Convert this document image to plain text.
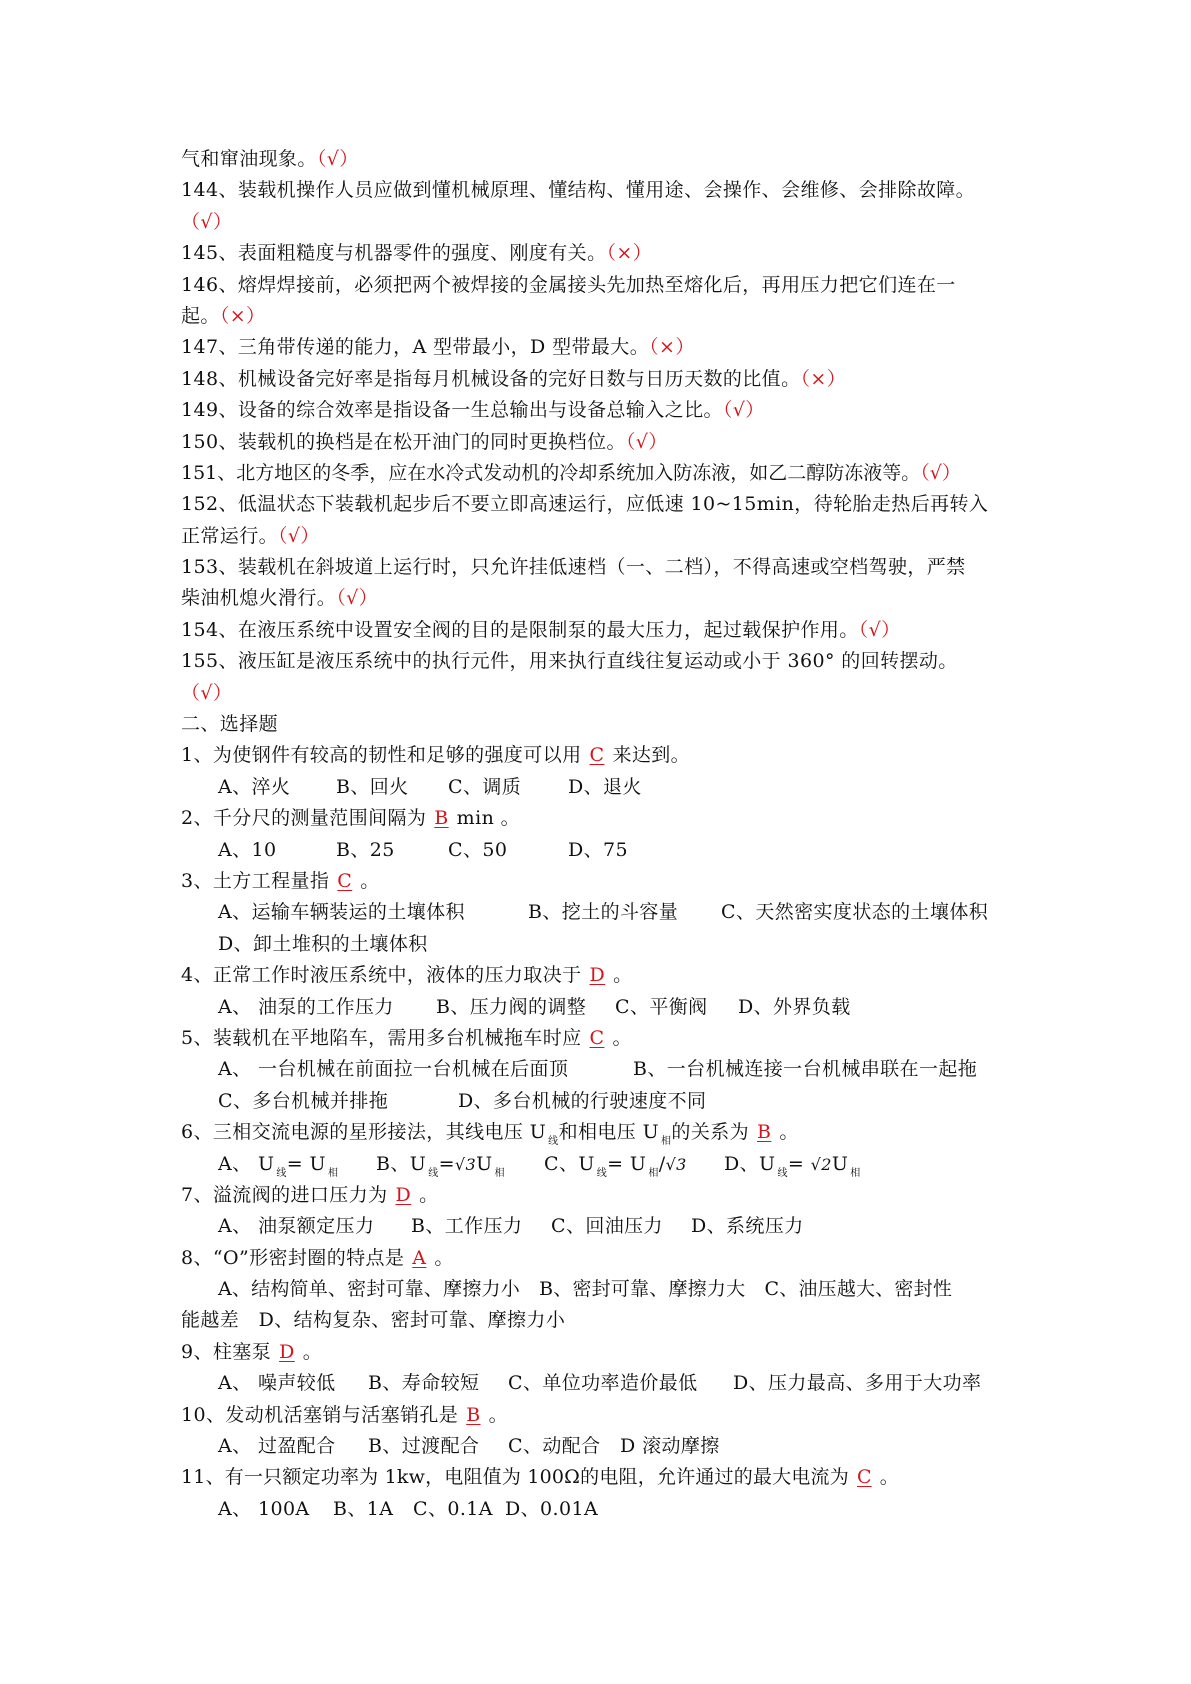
气和窜油现象。（√）
144、装载机操作人员应做到懂机械原理、懂结构、懂用途、会操作、会维修、会排除故障。
（√）
145、表面粗糙度与机器零件的强度、刚度有关。（×）
146、熔焊焊接前，必须把两个被焊接的金属接头先加热至熔化后，再用压力把它们连在一
起。（×）
147、三角带传递的能力，A 型带最小，D 型带最大。（×）
148、机械设备完好率是指每月机械设备的完好日数与日历天数的比值。（×）
149、设备的综合效率是指设备一生总输出与设备总输入之比。（√）
150、装载机的换档是在松开油门的同时更换档位。（√）
151、北方地区的冬季，应在水冷式发动机的冷却系统加入防冻液，如乙二醇防冻液等。（√）
152、低温状态下装载机起步后不要立即高速运行，应低速 10~15min，待轮胎走热后再转入
正常运行。（√）
153、装载机在斜坡道上运行时，只允许挂低速档（一、二档），不得高速或空档驾驶，严禁
柴油机熄火滑行。（√）
154、在液压系统中设置安全阀的目的是限制泵的最大压力，起过载保护作用。（√）
155、液压缸是液压系统中的执行元件，用来执行直线往复运动或小于 360° 的回转摆动。
（√）
二、选择题
1、为使钢件有较高的韧性和足够的强度可以用 C 来达到。
A、淬火 B、回火 C、调质 D、退火
2、千分尺的测量范围间隔为 B min 。
A、10	B、25	C、50	D、75
3、土方工程量指 C 。
A、运输车辆装运的土壤体积	B、挖土的斗容量 C、天然密实度状态的土壤体积
D、卸土堆积的土壤体积
4、正常工作时液压系统中，液体的压力取决于 D 。
A、 油泵的工作压力 B、压力阀的调整 C、平衡阀 D、外界负载
5、装载机在平地陷车，需用多台机械拖车时应 C 。
A、 一台机械在前面拉一台机械在后面顶	B、一台机械连接一台机械串联在一起拖
C、多台机械并排拖	D、多台机械的行驶速度不同
6、三相交流电源的星形接法，其线电压 U $_线$和相电压 U $_相$的关系为 B 。
A、 U $_线$= U $_相$ B、U $_线$=√3U $_相$ C、U $_线$= U $_相$/√3 D、U $_线$= √2U $_相$
7、溢流阀的进口压力为 D 。
A、 油泵额定压力 B、工作压力 C、回油压力 D、系统压力
8、“O”形密封圈的特点是 A 。
A、结构简单、密封可靠、摩擦力小　B、密封可靠、摩擦力大　C、油压越大、密封性
能越差　D、结构复杂、密封可靠、摩擦力小
9、柱塞泵 D 。
A、 噪声较低 B、寿命较短 C、单位功率造价最低 D、压力最高、多用于大功率
10、发动机活塞销与活塞销孔是 B 。
A、 过盈配合 B、过渡配合 C、动配合 D 滚动摩擦
11、有一只额定功率为 1kw，电阻值为 100Ω的电阻，允许通过的最大电流为 C 。
A、 100A B、1A C、0.1A D、0.01A
